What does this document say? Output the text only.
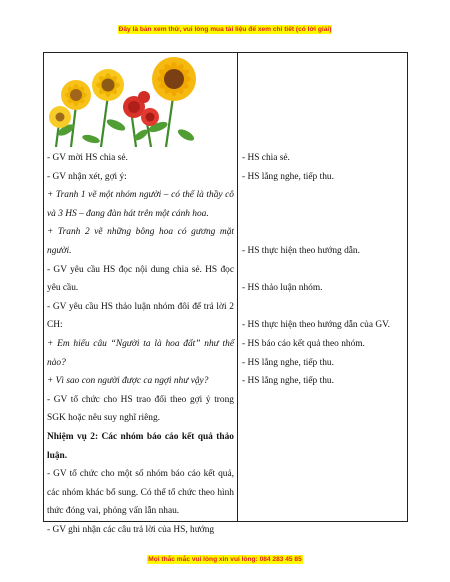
Đây là bản xem thử, vui lòng mua tài liệu để xem chi tiết (có lời giải)

- GV mời HS chia sẻ.

- GV nhận xét, gợi ý:

+ Tranh 1 vẽ một nhóm người – có thể là thầy cô và 3 HS – đang đàn hát trên một cánh hoa.

+ Tranh 2 vẽ những bông hoa có gương mặt người.

- GV yêu cầu HS đọc nội dung chia sẻ. HS đọc yêu cầu.

- GV yêu cầu HS thảo luận nhóm đôi để trả lời 2 CH:

+ Em hiểu câu “Người ta là hoa đất” như thế nào?

+ Vì sao con người được ca ngợi như vậy?

- GV tổ chức cho HS trao đổi theo gợi ý trong SGK hoặc nêu suy nghĩ riêng.

Nhiệm vụ 2: Các nhóm báo cáo kết quả thảo luận.

- GV tổ chức cho một số nhóm báo cáo kết quả, các nhóm khác bổ sung. Có thể tổ chức theo hình thức đóng vai, phỏng vấn lẫn nhau.

- GV ghi nhận các câu trả lời của HS, hướng

- HS chia sẻ.

- HS lắng nghe, tiếp thu.

- HS thực hiện theo hướng dẫn.

- HS thảo luận nhóm.

- HS thực hiện theo hướng dẫn của GV.

- HS báo cáo kết quả theo nhóm.

- HS lắng nghe, tiếp thu.

- HS lắng nghe, tiếp thu.

Mọi thắc mắc vui lòng xin vui lòng: 084 283 45 85
